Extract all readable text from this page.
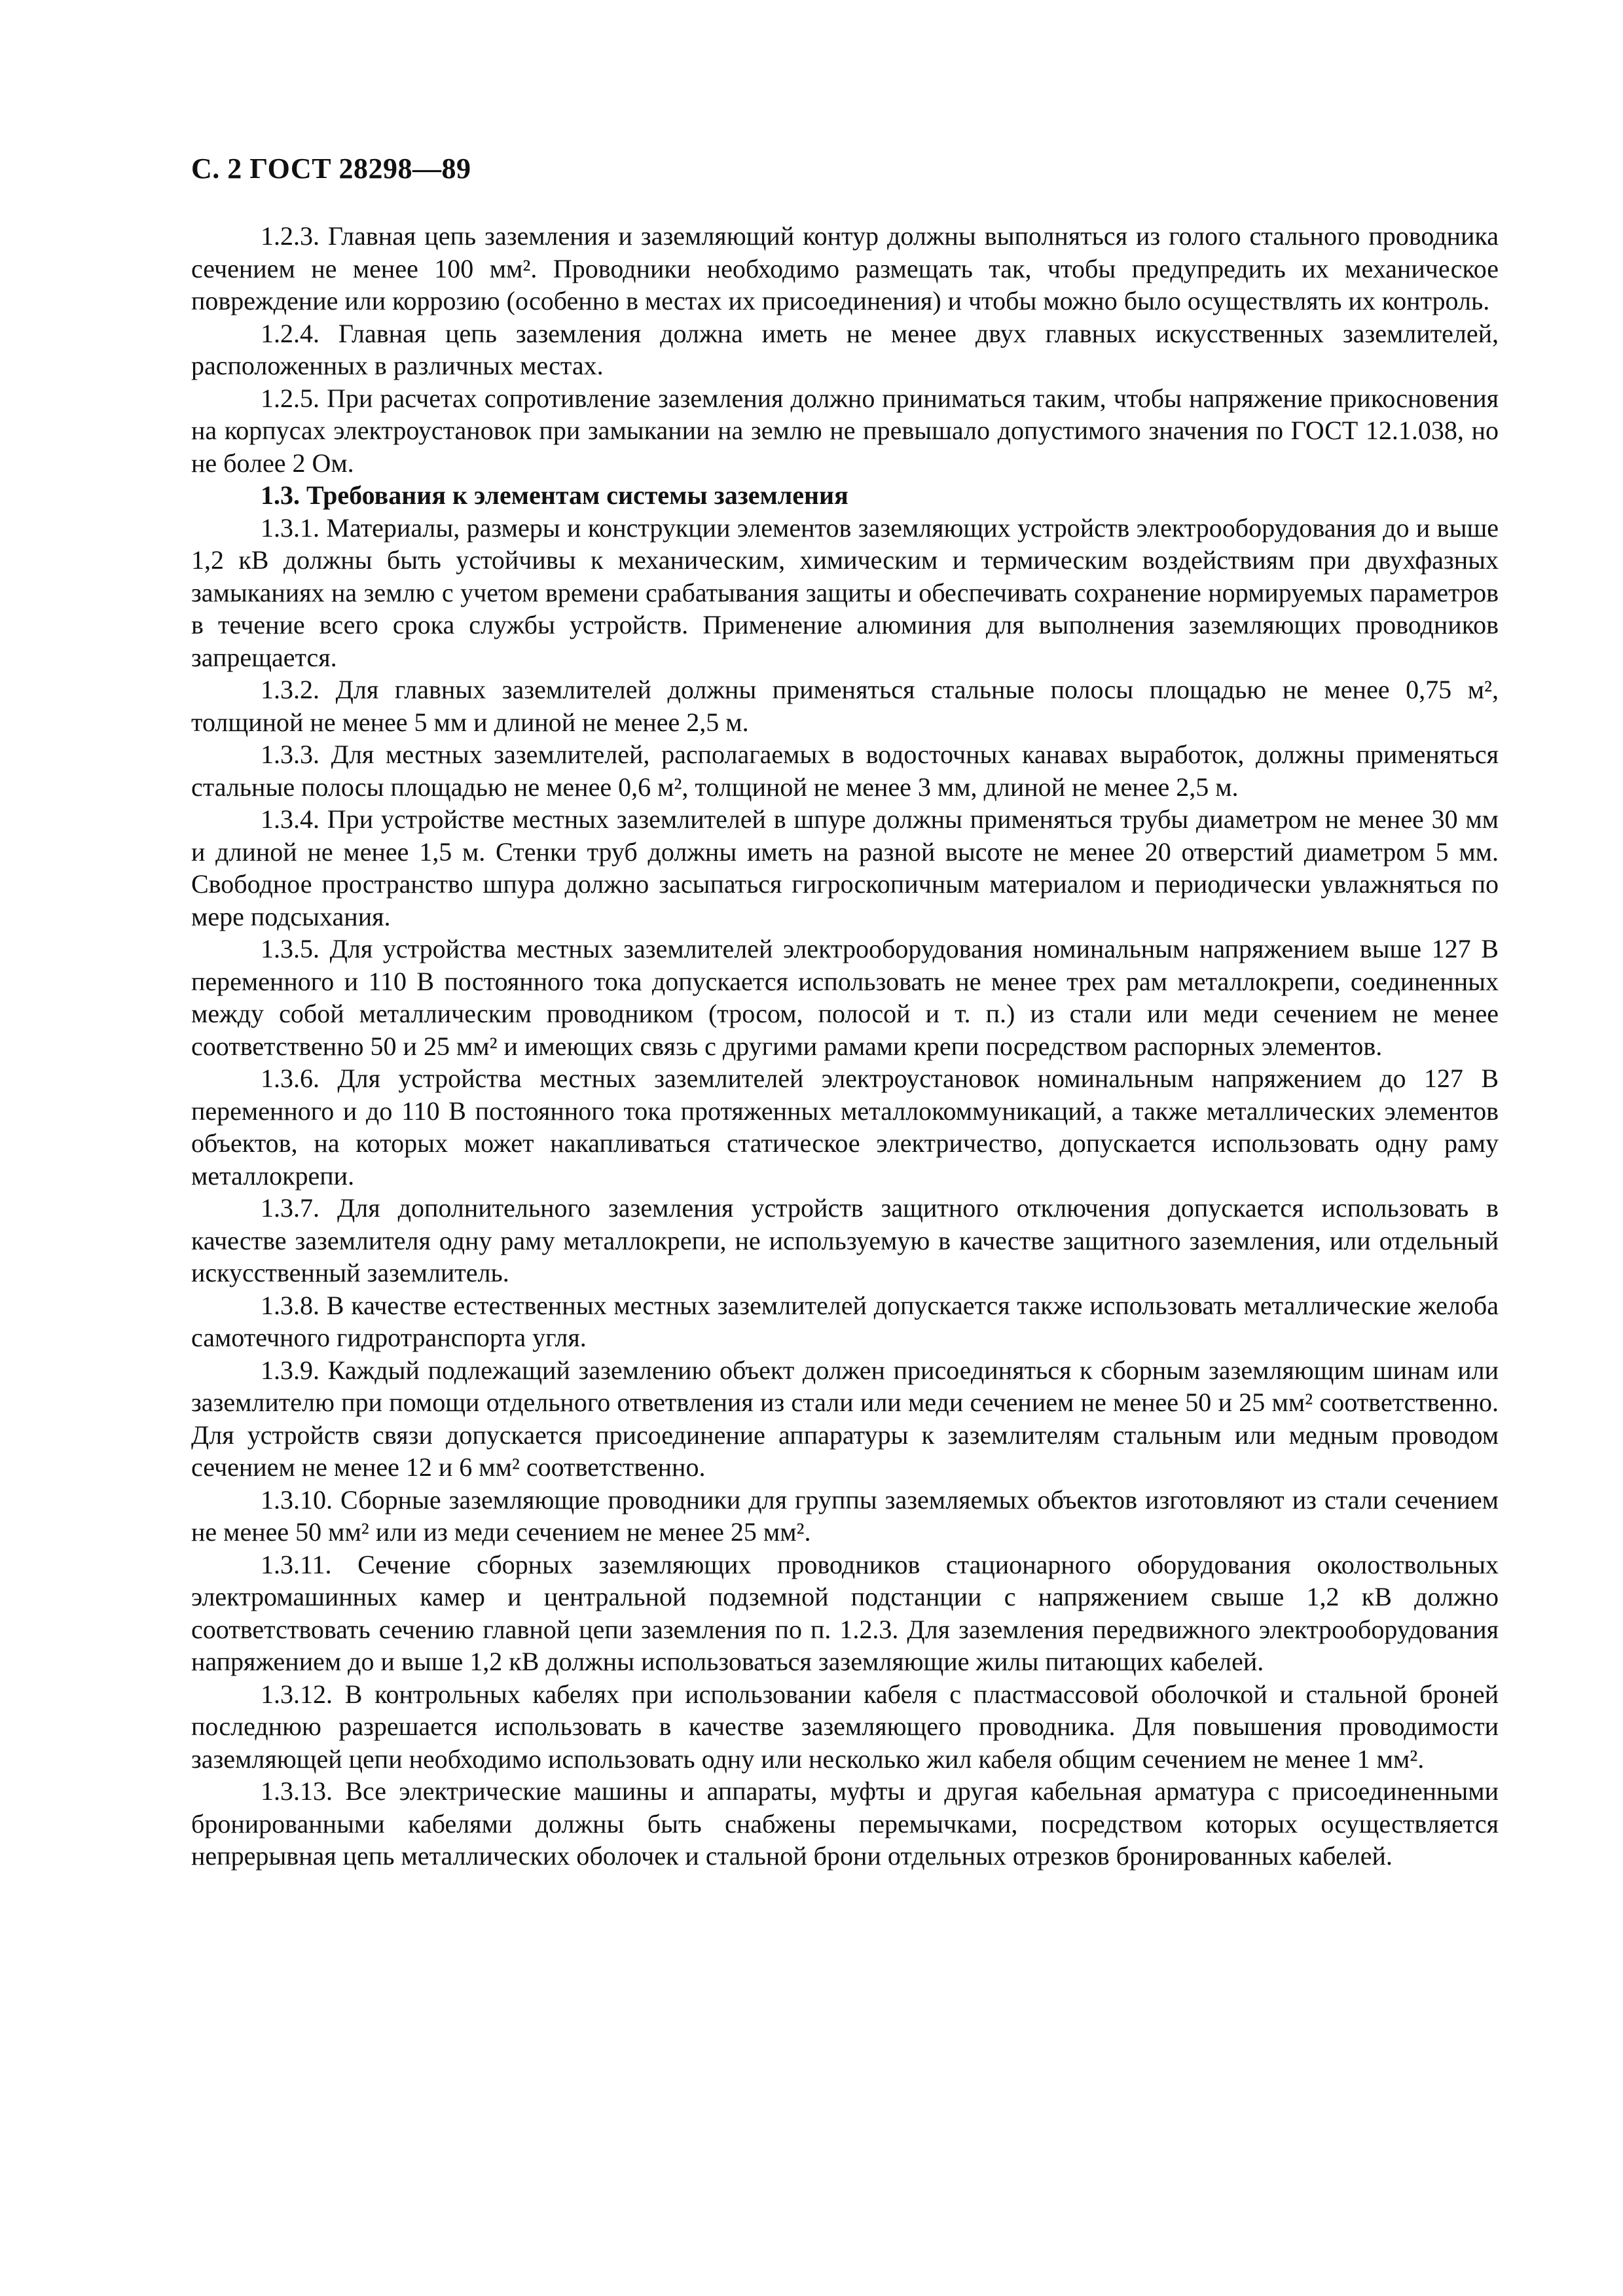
С. 2 ГОСТ 28298—89

1.2.3. Главная цепь заземления и заземляющий контур должны выполняться из голого стального проводника сечением не менее 100 мм². Проводники необходимо размещать так, чтобы предупредить их механическое повреждение или коррозию (особенно в местах их присоединения) и чтобы можно было осуществлять их контроль.

1.2.4. Главная цепь заземления должна иметь не менее двух главных искусственных заземлителей, расположенных в различных местах.

1.2.5. При расчетах сопротивление заземления должно приниматься таким, чтобы напряжение прикосновения на корпусах электроустановок при замыкании на землю не превышало допустимого значения по ГОСТ 12.1.038, но не более 2 Ом.

1.3. Требования к элементам системы заземления

1.3.1. Материалы, размеры и конструкции элементов заземляющих устройств электрооборудования до и выше 1,2 кВ должны быть устойчивы к механическим, химическим и термическим воздействиям при двухфазных замыканиях на землю с учетом времени срабатывания защиты и обеспечивать сохранение нормируемых параметров в течение всего срока службы устройств. Применение алюминия для выполнения заземляющих проводников запрещается.

1.3.2. Для главных заземлителей должны применяться стальные полосы площадью не менее 0,75 м², толщиной не менее 5 мм и длиной не менее 2,5 м.

1.3.3. Для местных заземлителей, располагаемых в водосточных канавах выработок, должны применяться стальные полосы площадью не менее 0,6 м², толщиной не менее 3 мм, длиной не менее 2,5 м.

1.3.4. При устройстве местных заземлителей в шпуре должны применяться трубы диаметром не менее 30 мм и длиной не менее 1,5 м. Стенки труб должны иметь на разной высоте не менее 20 отверстий диаметром 5 мм. Свободное пространство шпура должно засыпаться гигроскопичным материалом и периодически увлажняться по мере подсыхания.

1.3.5. Для устройства местных заземлителей электрооборудования номинальным напряжением выше 127 В переменного и 110 В постоянного тока допускается использовать не менее трех рам металлокрепи, соединенных между собой металлическим проводником (тросом, полосой и т. п.) из стали или меди сечением не менее соответственно 50 и 25 мм² и имеющих связь с другими рамами крепи посредством распорных элементов.

1.3.6. Для устройства местных заземлителей электроустановок номинальным напряжением до 127 В переменного и до 110 В постоянного тока протяженных металлокоммуникаций, а также металлических элементов объектов, на которых может накапливаться статическое электричество, допускается использовать одну раму металлокрепи.

1.3.7. Для дополнительного заземления устройств защитного отключения допускается использовать в качестве заземлителя одну раму металлокрепи, не используемую в качестве защитного заземления, или отдельный искусственный заземлитель.

1.3.8. В качестве естественных местных заземлителей допускается также использовать металлические желоба самотечного гидротранспорта угля.

1.3.9. Каждый подлежащий заземлению объект должен присоединяться к сборным заземляющим шинам или заземлителю при помощи отдельного ответвления из стали или меди сечением не менее 50 и 25 мм² соответственно. Для устройств связи допускается присоединение аппаратуры к заземлителям стальным или медным проводом сечением не менее 12 и 6 мм² соответственно.

1.3.10. Сборные заземляющие проводники для группы заземляемых объектов изготовляют из стали сечением не менее 50 мм² или из меди сечением не менее 25 мм².

1.3.11. Сечение сборных заземляющих проводников стационарного оборудования околоствольных электромашинных камер и центральной подземной подстанции с напряжением свыше 1,2 кВ должно соответствовать сечению главной цепи заземления по п. 1.2.3. Для заземления передвижного электрооборудования напряжением до и выше 1,2 кВ должны использоваться заземляющие жилы питающих кабелей.

1.3.12. В контрольных кабелях при использовании кабеля с пластмассовой оболочкой и стальной броней последнюю разрешается использовать в качестве заземляющего проводника. Для повышения проводимости заземляющей цепи необходимо использовать одну или несколько жил кабеля общим сечением не менее 1 мм².

1.3.13. Все электрические машины и аппараты, муфты и другая кабельная арматура с присоединенными бронированными кабелями должны быть снабжены перемычками, посредством которых осуществляется непрерывная цепь металлических оболочек и стальной брони отдельных отрезков бронированных кабелей.
